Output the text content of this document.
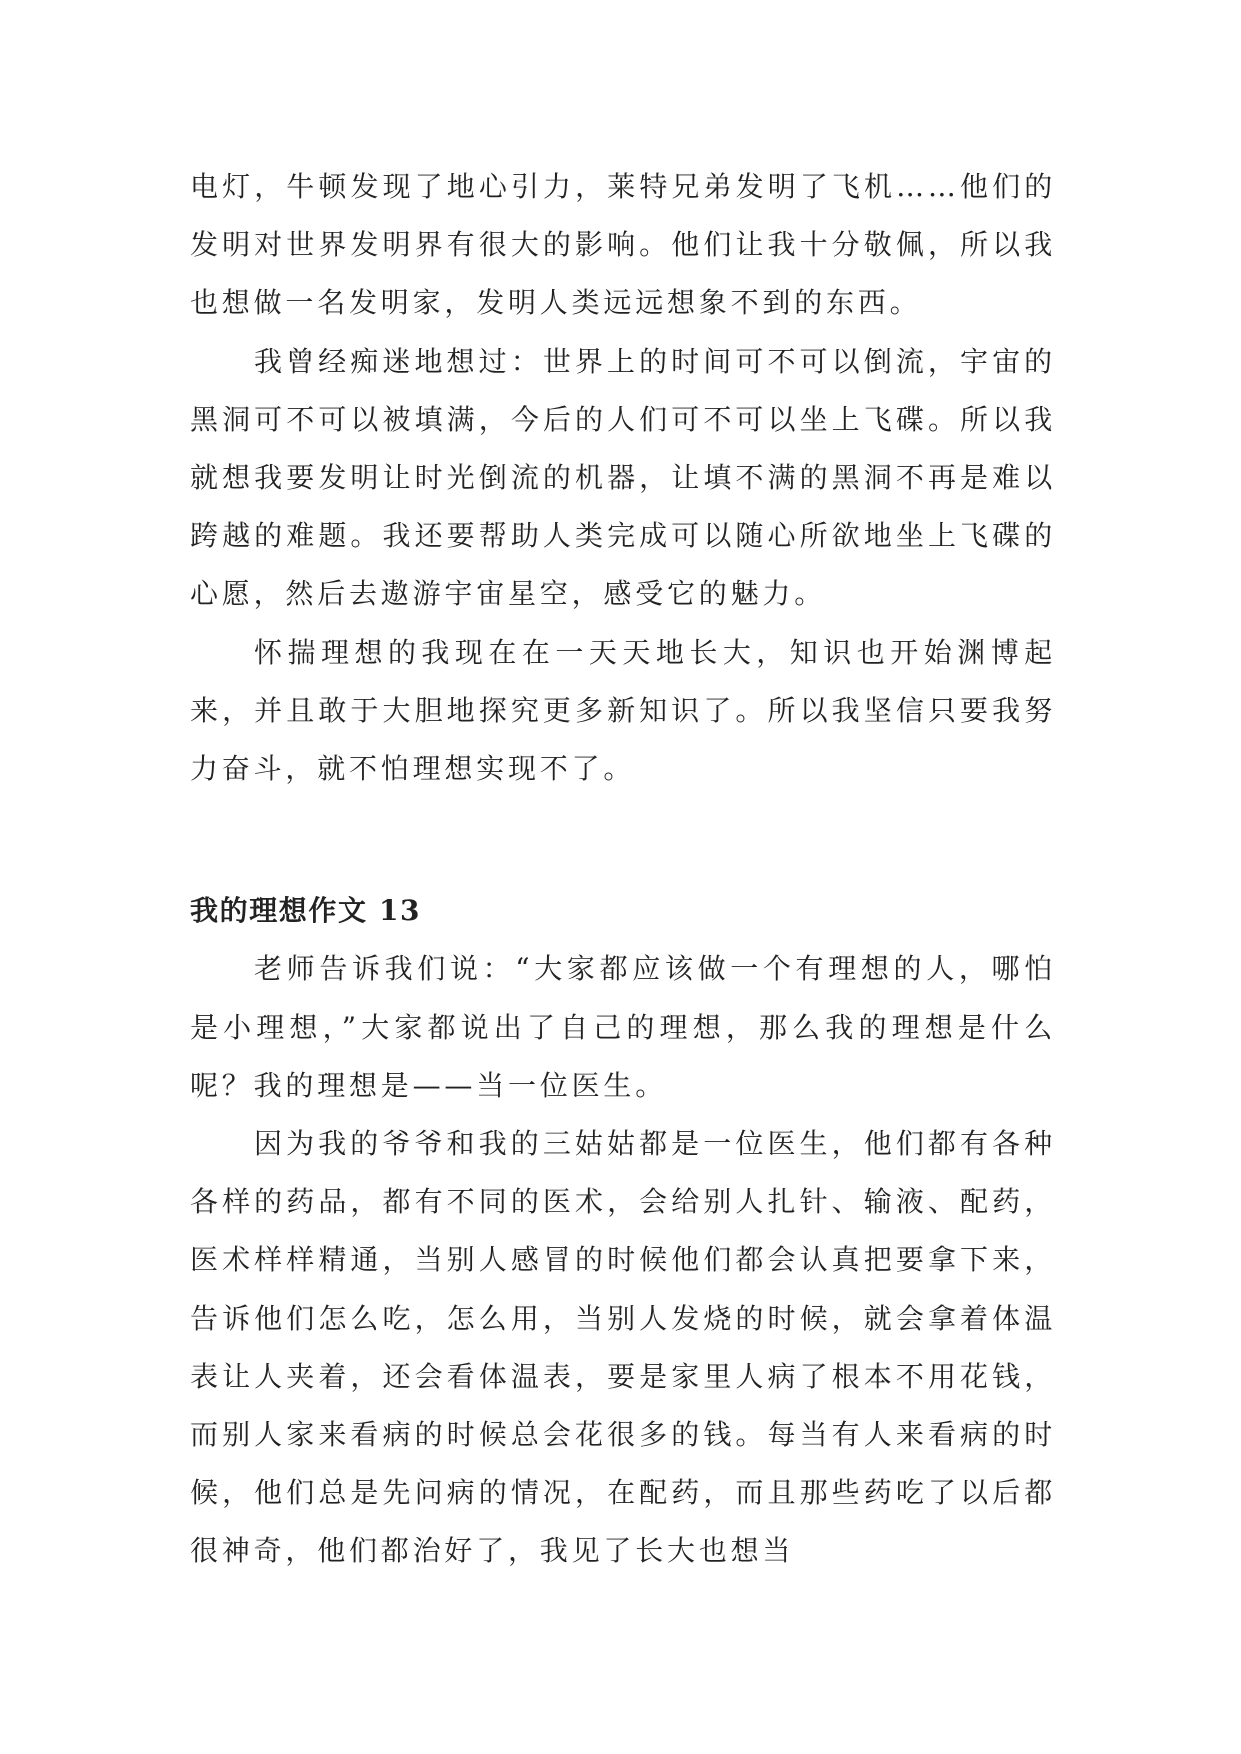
电灯，牛顿发现了地心引力，莱特兄弟发明了飞机……他们的发明对世界发明界有很大的影响。他们让我十分敬佩，所以我也想做一名发明家，发明人类远远想象不到的东西。

我曾经痴迷地想过：世界上的时间可不可以倒流，宇宙的黑洞可不可以被填满，今后的人们可不可以坐上飞碟。所以我就想我要发明让时光倒流的机器，让填不满的黑洞不再是难以跨越的难题。我还要帮助人类完成可以随心所欲地坐上飞碟的心愿，然后去遨游宇宙星空，感受它的魅力。

怀揣理想的我现在在一天天地长大，知识也开始渊博起来，并且敢于大胆地探究更多新知识了。所以我坚信只要我努力奋斗，就不怕理想实现不了。

我的理想作文 13

老师告诉我们说：“大家都应该做一个有理想的人，哪怕是小理想，”大家都说出了自己的理想，那么我的理想是什么呢？我的理想是——当一位医生。

因为我的爷爷和我的三姑姑都是一位医生，他们都有各种各样的药品，都有不同的医术，会给别人扎针、输液、配药，医术样样精通，当别人感冒的时候他们都会认真把要拿下来，告诉他们怎么吃，怎么用，当别人发烧的时候，就会拿着体温表让人夹着，还会看体温表，要是家里人病了根本不用花钱，而别人家来看病的时候总会花很多的钱。每当有人来看病的时候，他们总是先问病的情况，在配药，而且那些药吃了以后都很神奇，他们都治好了，我见了长大也想当
